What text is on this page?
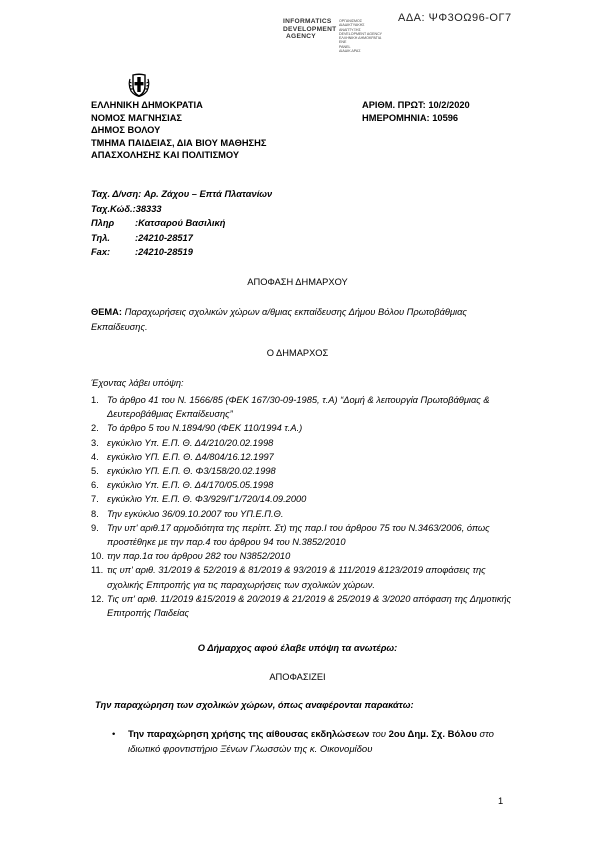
ΑΔΑ: ΨΦ3ΟΩ96-ΟΓ7
INFORMATICS
DEVELOPMENT
AGENCY
ΟΡΓΑΝΙΣΜΟΣ
ΔΙΑΔΙΚΤΥΑΚΗΣ
ΑΝΑΠΤΥΞΗΣ
DEVELOPMENT AGENCY
ΕΛΛΗΝΙΚΗ ΔΗΜΟΚΡΑΤΙΑ
ΕΝΕ
PANEL
ΔΙΑΔΙΚ ΔΡΑΣ
ΕΛΛΗΝΙΚΗ ΔΗΜΟΚΡΑΤΙΑ
ΝΟΜΟΣ ΜΑΓΝΗΣΙΑΣ
ΔΗΜΟΣ ΒΟΛΟΥ
ΤΜΗΜΑ ΠΑΙΔΕΙΑΣ, ΔΙΑ ΒΙΟΥ ΜΑΘΗΣΗΣ
ΑΠΑΣΧΟΛΗΣΗΣ ΚΑΙ ΠΟΛΙΤΙΣΜΟΥ
ΑΡΙΘΜ. ΠΡΩΤ: 10/2/2020
ΗΜΕΡΟΜΗΝΙΑ: 10596
Ταχ. Δ/νση:
Αρ. Ζάχου – Επτά Πλατανίων
Ταχ.Κώδ.: 38333
Πληρ	:Κατσαρού Βασιλική
Τηλ.	:24210-28517
Fax:	:24210-28519
ΑΠΟΦΑΣΗ ΔΗΜΑΡΧΟΥ
ΘΕΜΑ: Παραχωρήσεις σχολικών χώρων α/θμιας εκπαίδευσης Δήμου Βόλου Πρωτοβάθμιας Εκπαίδευσης.
Ο ΔΗΜΑΡΧΟΣ
Έχοντας λάβει υπόψη:
1. Το άρθρο 41 του Ν. 1566/85 (ΦΕΚ 167/30-09-1985, τ.Α) “Δομή & λειτουργία Πρωτοβάθμιας & Δευτεροβάθμιας Εκπαίδευσης”
2. Το άρθρο 5 του Ν.1894/90 (ΦΕΚ 110/1994 τ.Α.)
3. εγκύκλιο Υπ. Ε.Π. Θ. Δ4/210/20.02.1998
4. εγκύκλιο ΥΠ. Ε.Π. Θ. Δ4/804/16.12.1997
5. εγκύκλιο ΥΠ. Ε.Π. Θ. Φ3/158/20.02.1998
6. εγκύκλιο Υπ. Ε.Π. Θ. Δ4/170/05.05.1998
7. εγκύκλιο Υπ. Ε.Π. Θ. Φ3/929/Γ1/720/14.09.2000
8. Την εγκύκλιο 36/09.10.2007 του ΥΠ.Ε.Π.Θ.
9. Την υπ' αριθ.17 αρμοδιότητα της περίπτ. Στ) της παρ.Ι του άρθρου 75 του Ν.3463/2006, όπως προστέθηκε με την παρ.4 του άρθρου 94 του Ν.3852/2010
10. την παρ.1α του άρθρου 282 του Ν3852/2010
11. τις υπ' αριθ. 31/2019 & 52/2019 & 81/2019 & 93/2019 & 111/2019 &123/2019 αποφάσεις της σχολικής Επιτροπής για τις παραχωρήσεις των σχολικών χώρων.
12. Τις υπ' αριθ. 11/2019 &15/2019 & 20/2019 & 21/2019 & 25/2019 & 3/2020 απόφαση της Δημοτικής Επιτροπής Παιδείας
Ο Δήμαρχος αφού έλαβε υπόψη τα ανωτέρω:
ΑΠΟΦΑΣΙΖΕΙ
Την παραχώρηση των σχολικών χώρων, όπως αναφέρονται παρακάτω:
•	Την παραχώρηση χρήσης της αίθουσας εκδηλώσεων του 2ου Δημ. Σχ. Βόλου στο ιδιωτικό φροντιστήριο Ξένων Γλωσσών της κ. Οικονομίδου
1
